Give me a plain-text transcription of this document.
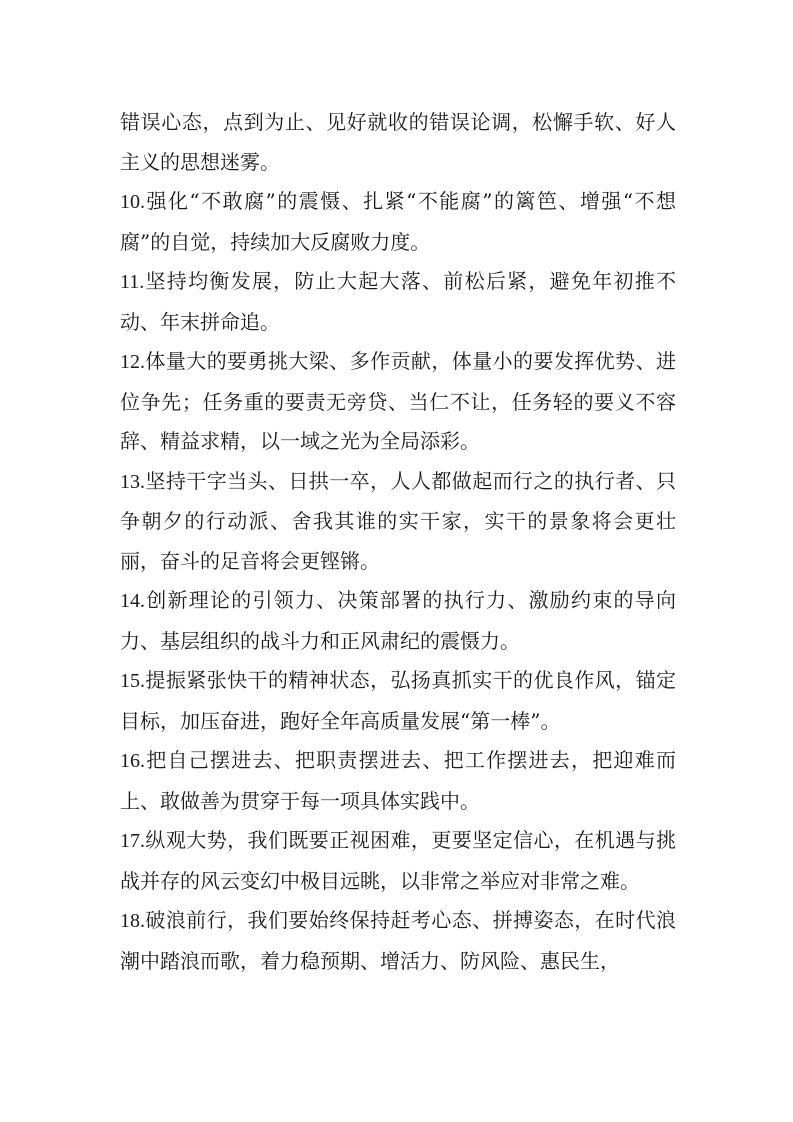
错误心态，点到为止、见好就收的错误论调，松懈手软、好人主义的思想迷雾。

10.强化“不敢腐”的震慑、扎紧“不能腐”的篱笆、增强“不想腐”的自觉，持续加大反腐败力度。

11.坚持均衡发展，防止大起大落、前松后紧，避免年初推不动、年末拼命追。

12.体量大的要勇挑大梁、多作贡献，体量小的要发挥优势、进位争先；任务重的要责无旁贷、当仁不让，任务轻的要义不容辞、精益求精，以一域之光为全局添彩。

13.坚持干字当头、日拱一卒，人人都做起而行之的执行者、只争朝夕的行动派、舍我其谁的实干家，实干的景象将会更壮丽，奋斗的足音将会更铿锵。

14.创新理论的引领力、决策部署的执行力、激励约束的导向力、基层组织的战斗力和正风肃纪的震慑力。

15.提振紧张快干的精神状态，弘扬真抓实干的优良作风，锚定目标，加压奋进，跑好全年高质量发展“第一棒”。

16.把自己摆进去、把职责摆进去、把工作摆进去，把迎难而上、敢做善为贯穿于每一项具体实践中。

17.纵观大势，我们既要正视困难，更要坚定信心，在机遇与挑战并存的风云变幻中极目远眺，以非常之举应对非常之难。

18.破浪前行，我们要始终保持赶考心态、拼搏姿态，在时代浪潮中踏浪而歌，着力稳预期、增活力、防风险、惠民生，
